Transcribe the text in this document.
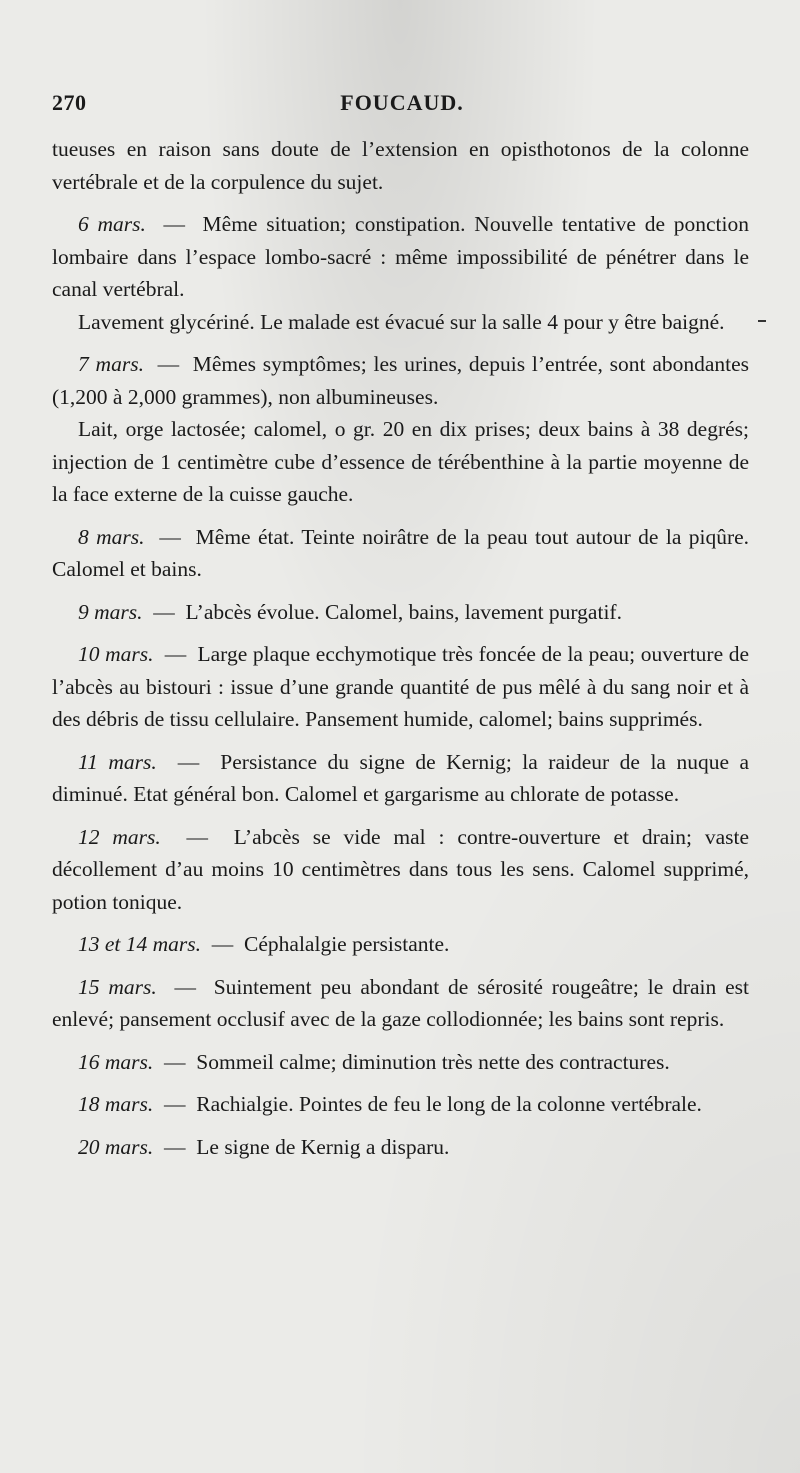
270	FOUCAUD.

tueuses en raison sans doute de l’extension en opisthotonos de la colonne vertébrale et de la corpulence du sujet.

6 mars. — Même situation; constipation. Nouvelle tentative de ponction lombaire dans l’espace lombo-sacré : même impossibilité de pénétrer dans le canal vertébral.

Lavement glycériné. Le malade est évacué sur la salle 4 pour y être baigné.

7 mars. — Mêmes symptômes; les urines, depuis l’entrée, sont abondantes (1,200 à 2,000 grammes), non albumineuses.

Lait, orge lactosée; calomel, o gr. 20 en dix prises; deux bains à 38 degrés; injection de 1 centimètre cube d’essence de térébenthine à la partie moyenne de la face externe de la cuisse gauche.

8 mars. — Même état. Teinte noirâtre de la peau tout autour de la piqûre. Calomel et bains.

9 mars. — L’abcès évolue. Calomel, bains, lavement purgatif.

10 mars. — Large plaque ecchymotique très foncée de la peau; ouverture de l’abcès au bistouri : issue d’une grande quantité de pus mêlé à du sang noir et à des débris de tissu cellulaire. Pansement humide, calomel; bains supprimés.

11 mars. — Persistance du signe de Kernig; la raideur de la nuque a diminué. Etat général bon. Calomel et gargarisme au chlorate de potasse.

12 mars. — L’abcès se vide mal : contre-ouverture et drain; vaste décollement d’au moins 10 centimètres dans tous les sens. Calomel supprimé, potion tonique.

13 et 14 mars. — Céphalalgie persistante.

15 mars. — Suintement peu abondant de sérosité rougeâtre; le drain est enlevé; pansement occlusif avec de la gaze collodionnée; les bains sont repris.

16 mars. — Sommeil calme; diminution très nette des contractures.

18 mars. — Rachialgie. Pointes de feu le long de la colonne vertébrale.

20 mars. — Le signe de Kernig a disparu.
